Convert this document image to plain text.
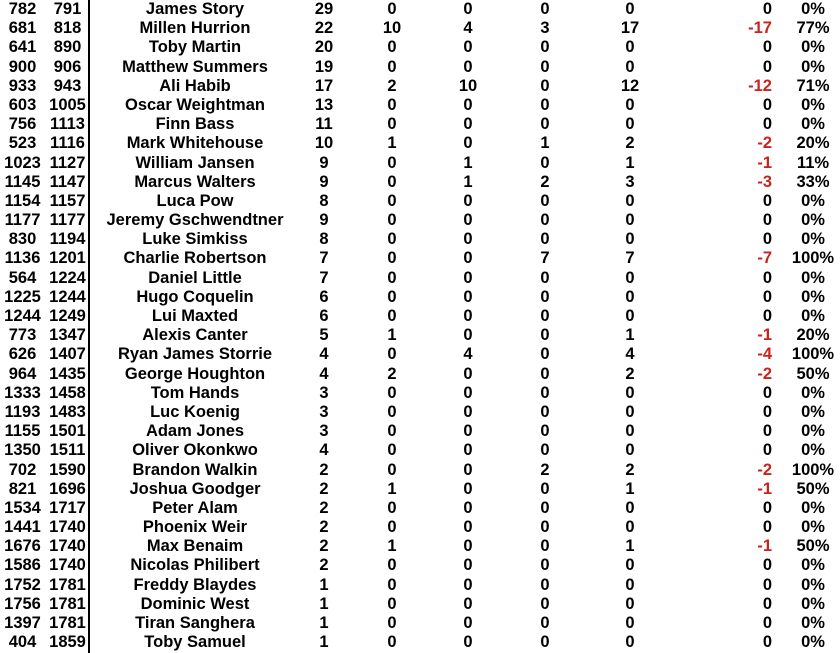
782	791	James Story	29	0	0	0	0	0	0%
681	818	Millen Hurrion	22	10	4	3	17	-17	77%
641	890	Toby Martin	20	0	0	0	0	0	0%
900	906	Matthew Summers	19	0	0	0	0	0	0%
933	943	Ali Habib	17	2	10	0	12	-12	71%
603 1005	Oscar Weightman	13	0	0	0	0	0	0%
756 1113	Finn Bass	11	0	0	0	0	0	0%
523 1116	Mark Whitehouse	10	1	0	1	2	-2	20%
1023 1127	William Jansen	9	0	1	0	1	-1	11%
1145 1147	Marcus Walters	9	0	1	2	3	-3	33%
1154 1157	Luca Pow	8	0	0	0	0	0	0%
1177 1177	Jeremy Gschwendtner	9	0	0	0	0	0	0%
830 1194	Luke Simkiss	8	0	0	0	0	0	0%
1136 1201	Charlie Robertson	7	0	0	7	7	-7	100%
564 1224	Daniel Little	7	0	0	0	0	0	0%
1225 1244	Hugo Coquelin	6	0	0	0	0	0	0%
1244 1249	Lui Maxted	6	0	0	0	0	0	0%
773 1347	Alexis Canter	5	1	0	0	1	-1	20%
626 1407	Ryan James Storrie	4	0	4	0	4	-4	100%
964 1435	George Houghton	4	2	0	0	2	-2	50%
1333 1458	Tom Hands	3	0	0	0	0	0	0%
1193 1483	Luc Koenig	3	0	0	0	0	0	0%
1155 1501	Adam Jones	3	0	0	0	0	0	0%
1350 1511	Oliver Okonkwo	4	0	0	0	0	0	0%
702 1590	Brandon Walkin	2	0	0	2	2	-2	100%
821 1696	Joshua Goodger	2	1	0	0	1	-1	50%
1534 1717	Peter Alam	2	0	0	0	0	0	0%
1441 1740	Phoenix Weir	2	0	0	0	0	0	0%
1676 1740	Max Benaim	2	1	0	0	1	-1	50%
1586 1740	Nicolas Philibert	2	0	0	0	0	0	0%
1752 1781	Freddy Blaydes	1	0	0	0	0	0	0%
1756 1781	Dominic West	1	0	0	0	0	0	0%
1397 1781	Tiran Sanghera	1	0	0	0	0	0	0%
404 1859	Toby Samuel	1	0	0	0	0	0	0%
